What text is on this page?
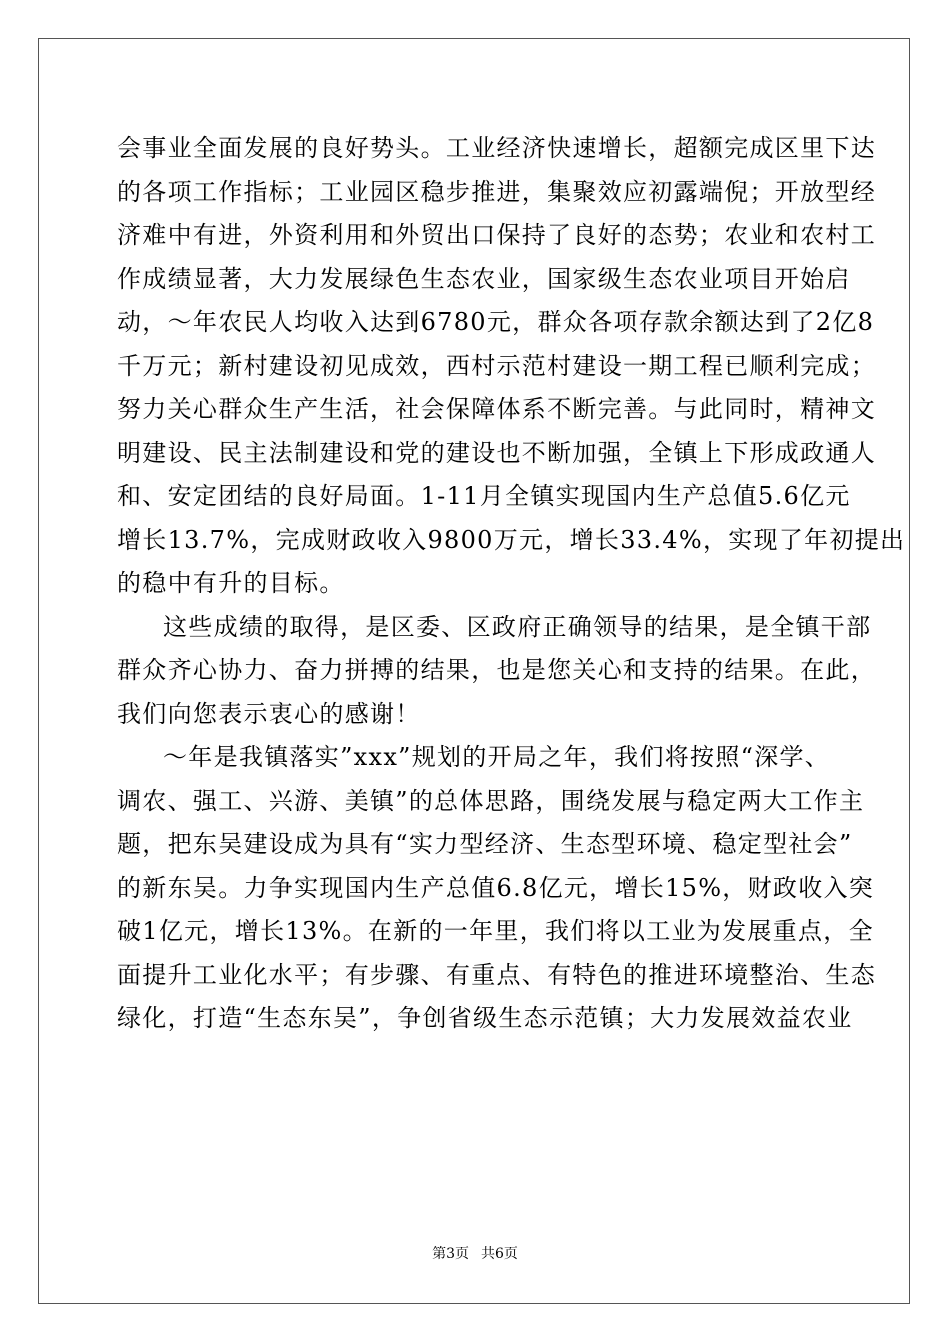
会事业全面发展的良好势头。工业经济快速增长，超额完成区里下达
的各项工作指标；工业园区稳步推进，集聚效应初露端倪；开放型经
济难中有进，外资利用和外贸出口保持了良好的态势；农业和农村工
作成绩显著，大力发展绿色生态农业，国家级生态农业项目开始启
动，～年农民人均收入达到6780元，群众各项存款余额达到了2亿8
千万元；新村建设初见成效，西村示范村建设一期工程已顺利完成；
努力关心群众生产生活，社会保障体系不断完善。与此同时，精神文
明建设、民主法制建设和党的建设也不断加强，全镇上下形成政通人
和、安定团结的良好局面。1-11月全镇实现国内生产总值5.6亿元
增长13.7%，完成财政收入9800万元，增长33.4%，实现了年初提出
的稳中有升的目标。
这些成绩的取得，是区委、区政府正确领导的结果，是全镇干部
群众齐心协力、奋力拼搏的结果，也是您关心和支持的结果。在此，
我们向您表示衷心的感谢！
～年是我镇落实”xxx”规划的开局之年，我们将按照“深学、
调农、强工、兴游、美镇”的总体思路，围绕发展与稳定两大工作主
题，把东吴建设成为具有“实力型经济、生态型环境、稳定型社会”
的新东吴。力争实现国内生产总值6.8亿元，增长15%，财政收入突
破1亿元，增长13%。在新的一年里，我们将以工业为发展重点，全
面提升工业化水平；有步骤、有重点、有特色的推进环境整治、生态
绿化，打造“生态东吴”，争创省级生态示范镇；大力发展效益农业
第3页 共6页
